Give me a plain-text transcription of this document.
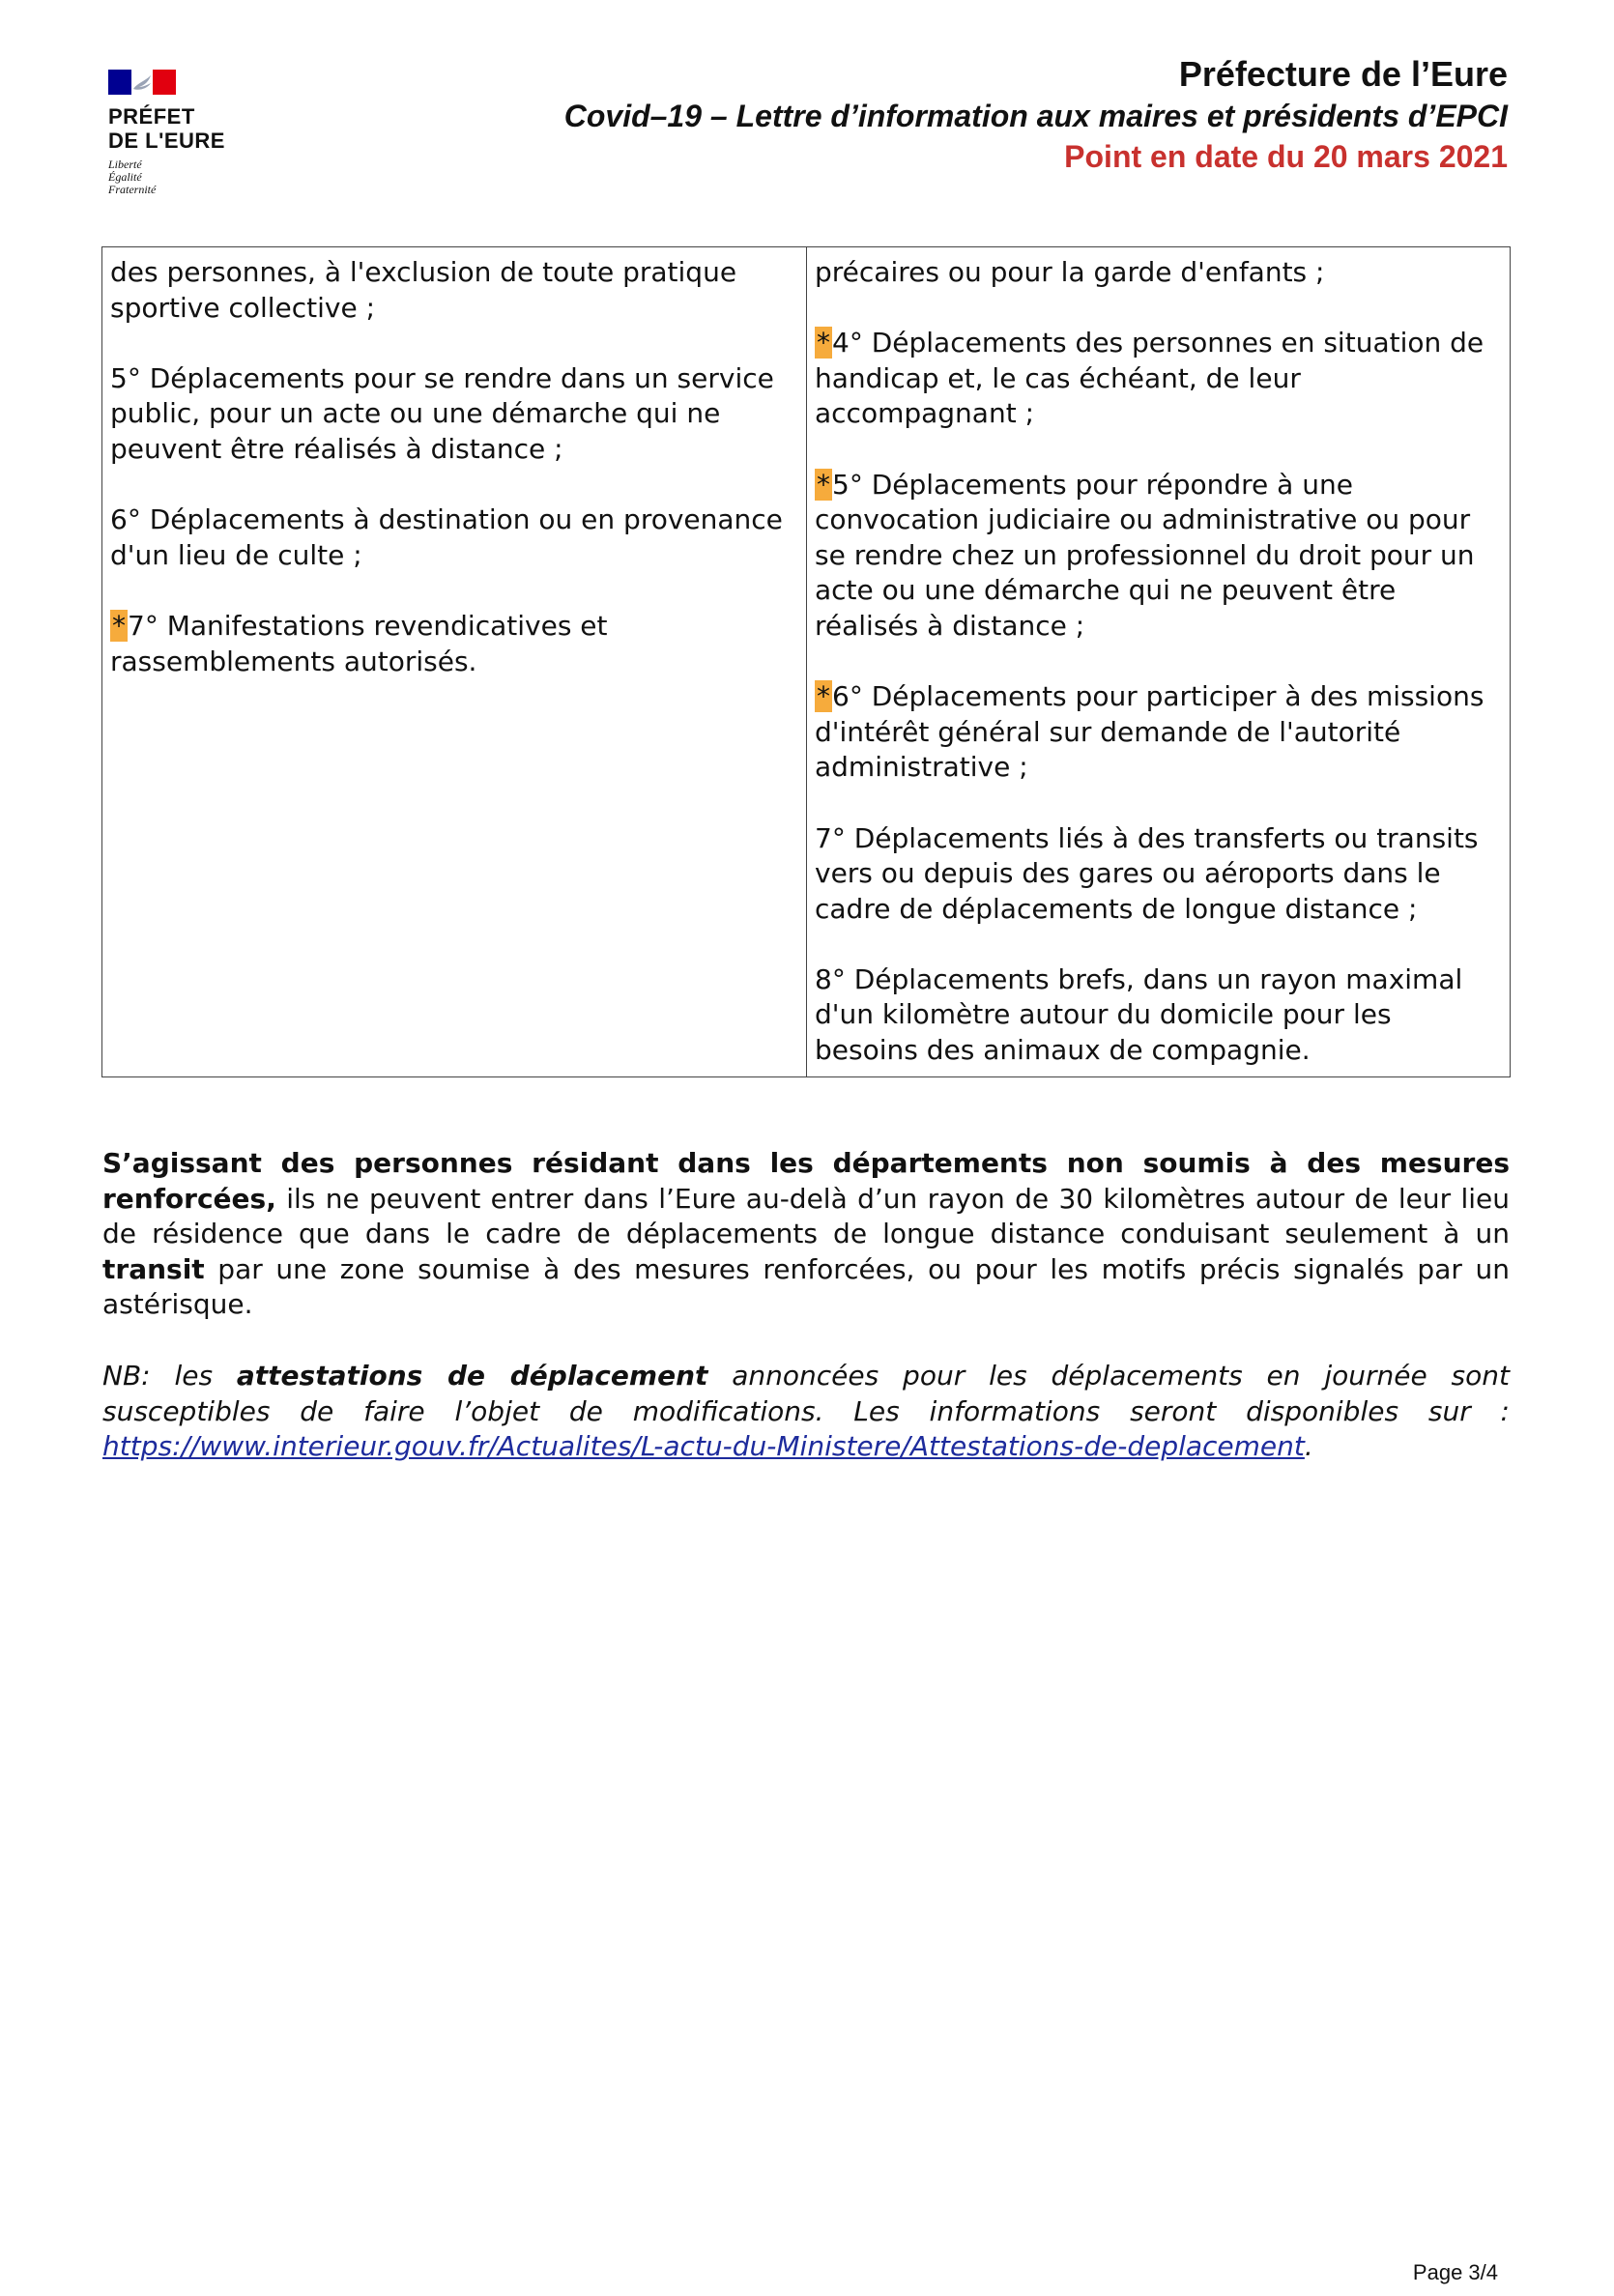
PRÉFET
DE L'EURE
Liberté
Égalité
Fraternité
Préfecture de l’Eure
Covid–19 – Lettre d’information aux maires et présidents d’EPCI
Point en date du 20 mars 2021

des personnes, à l'exclusion de toute pratique sportive collective ;

5° Déplacements pour se rendre dans un service public, pour un acte ou une démarche qui ne peuvent être réalisés à distance ;

6° Déplacements à destination ou en provenance d'un lieu de culte ;

*7° Manifestations revendicatives et rassemblements autorisés.

précaires ou pour la garde d'enfants ;

*4° Déplacements des personnes en situation de handicap et, le cas échéant, de leur accompagnant ;

*5° Déplacements pour répondre à une convocation judiciaire ou administrative ou pour se rendre chez un professionnel du droit pour un acte ou une démarche qui ne peuvent être réalisés à distance ;

*6° Déplacements pour participer à des missions d'intérêt général sur demande de l'autorité administrative ;

7° Déplacements liés à des transferts ou transits vers ou depuis des gares ou aéroports dans le cadre de déplacements de longue distance ;

8° Déplacements brefs, dans un rayon maximal d'un kilomètre autour du domicile pour les besoins des animaux de compagnie.

S’agissant des personnes résidant dans les départements non soumis à des mesures renforcées, ils ne peuvent entrer dans l’Eure au-delà d’un rayon de 30 kilomètres autour de leur lieu de résidence que dans le cadre de déplacements de longue distance conduisant seulement à un transit par une zone soumise à des mesures renforcées, ou pour les motifs précis signalés par un astérisque.
NB: les attestations de déplacement annoncées pour les déplacements en journée sont susceptibles de faire l’objet de modifications. Les informations seront disponibles sur : https://www.interieur.gouv.fr/Actualites/L-actu-du-Ministere/Attestations-de-deplacement.
Page 3/4
